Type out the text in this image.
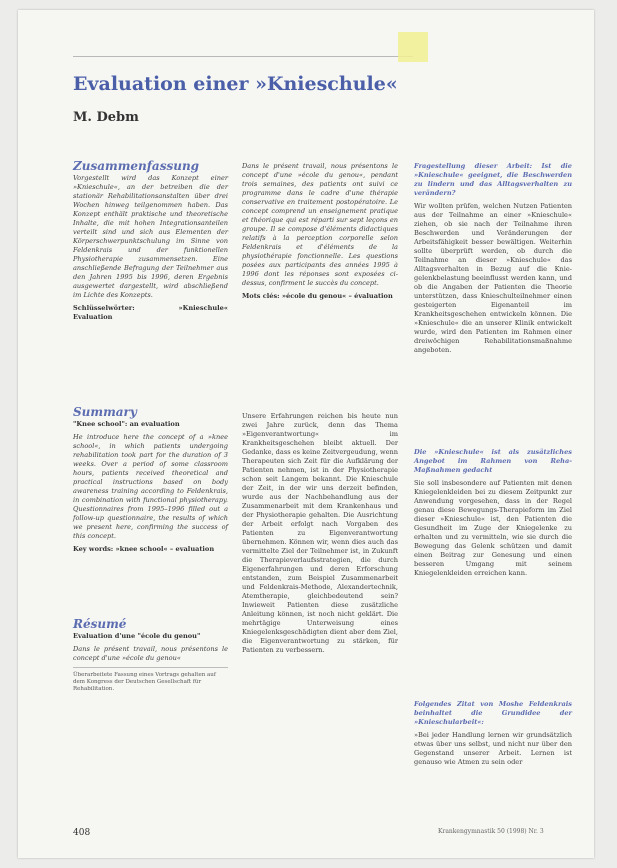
Evaluation einer »Knieschule«
M. Debm
Zusammenfassung

Vorgestellt wird das Konzept einer »Knieschule«, an der betreiben die der stationär Rehabilitationsanstalten über drei Wochen hinweg teilgenommen haben. Das Konzept enthält praktische und theoretische Inhalte, die mit hohen Integrationsanteilen verteilt sind und sich aus Elementen der Körperschwerpunktschulung im Sinne von Feldenkrais und der funktionellen Physiotherapie zusammensetzen. Eine anschließende Befragung der Teilnehmer aus den Jahren 1995 bis 1996, deren Ergebnis ausgewertet dargestellt, wird abschließend im Lichte des Konzepts.

Schlüsselwörter: »Knieschule« Evaluation

Summary

"Knee school": an evaluation

He introduce here the concept of a »knee school«, in which patients undergoing rehabilitation took part for the duration of 3 weeks. Over a period of some classroom hours, patients received theoretical and practical instructions based on body awareness training according to Feldenkrais, in combination with functional physiotherapy. Questionnaires from 1995–1996 filled out a follow-up questionnaire, the results of which we present here, confirming the success of this concept.

Key words: »knee school« – evaluation

Résumé

Evaluation d'une "école du genou"

Dans le présent travail, nous présentons le concept d'une »école du genou«

Überarbeitete Fassung eines Vortrags gehalten auf dem Kongress der Deutschen Gesellschaft für Rehabilitation.

Dans le présent travail, nous présentons le concept d'une »école du genou«, pendant trois semaines, des patients ont suivi ce programme dans le cadre d'une thérapie conservative en traitement postopératoire. Le concept comprend un enseignement pratique et théorique qui est réparti sur sept leçons en groupe. Il se compose d'éléments didactiques relatifs à la perception corporelle selon Feldenkrais et d'éléments de la physiothérapie fonctionnelle. Les questions posées aux participants des années 1995 à 1996 dont les réponses sont exposées ci-dessus, confirment le succès du concept.

Mots clés: »école du genou« – évaluation

Unsere Erfahrungen reichen bis heute nun zwei Jahre zurück, denn das Thema »Eigenverantwortung« im Krankheitsgeschehen bleibt aktuell. Der Gedanke, dass es keine Zeitvergeudung, wenn Therapeuten sich Zeit für die Aufklärung der Patienten nehmen, ist in der Physiotherapie schon seit Langem bekannt. Die Knieschule der Zeit, in der wir uns derzeit befinden, wurde aus der Nachbehandlung aus der Zusammenarbeit mit dem Krankenhaus und der Physiotherapie gehalten. Die Ausrichtung der Arbeit erfolgt nach Vorgaben des Patienten zu Eigenverantwortung übernehmen. Können wir, wenn dies auch das vermittelte Ziel der Teilnehmer ist, in Zukunft die Therapieverlaufsstrategien, die durch Eigenerfahrungen und deren Erforschung entstanden, zum Beispiel Zusammenarbeit und Feldenkrais-Methode, Alexandertechnik, Atemtherapie, gleichbedeutend sein? Inwieweit Patienten diese zusätzliche Anleitung können, ist noch nicht geklärt. Die mehrtägige Unterweisung eines Kniegelenksgeschädigten dient aber dem Ziel, die Eigenverantwortung zu stärken, für Patienten zu verbessern.

Fragestellung dieser Arbeit: Ist die »Knieschule« geeignet, die Beschwerden zu lindern und das Alltagsverhalten zu verändern?

Wir wollten prüfen, welchen Nutzen Patienten aus der Teilnahme an einer »Knieschule« ziehen, ob sie nach der Teilnahme ihren Beschwerden und Veränderungen der Arbeitsfähigkeit besser bewältigen. Weiterhin sollte überprüft werden, ob durch die Teilnahme an dieser »Knieschule« das Alltagsverhalten in Bezug auf die Knie-gelenkbelastung beeinflusst werden kann, und ob die Angaben der Patienten die Theorie unterstützen, dass Knieschulteilnehmer einen gesteigerten Eigenanteil im Krankheitsgeschehen entwickeln können. Die »Knieschule« die an unserer Klinik entwickelt wurde, wird den Patienten im Rahmen einer dreiwöchigen Rehabilitationsmaßnahme angeboten.

Die »Knieschule« ist als zusätzliches Angebot im Rahmen von Reha-Maßnahmen gedacht

Sie soll insbesondere auf Patienten mit denen Kniegelenkleiden bei zu diesem Zeitpunkt zur Anwendung vorgesehen, dass in der Regel genau diese Bewegungs-Therapieform im Ziel dieser »Knieschule« ist, den Patienten die Gesundheit im Zuge der Kniegelenke zu erhalten und zu vermitteln, wie sie durch die Bewegung das Gelenk schützen und damit einen Beitrag zur Genesung und einen besseren Umgang mit seinem Kniegelenkleiden erreichen kann.

Folgendes Zitat von Moshe Feldenkrais beinhaltet die Grundidee der »Knieschularbeit«:

»Bei jeder Handlung lernen wir grundsätzlich etwas über uns selbst, und nicht nur über den Gegenstand unserer Arbeit. Lernen ist genauso wie Atmen zu sein oder

408	Krankengymnastik 50 (1998) Nr. 3
